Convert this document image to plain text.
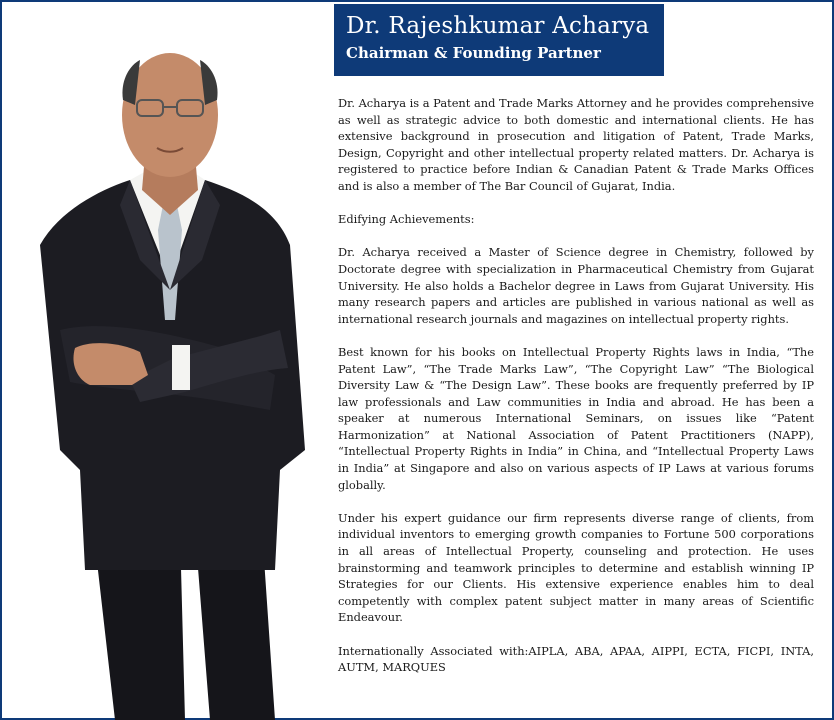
Dr. Rajeshkumar Acharya
Chairman & Founding Partner

Dr. Acharya is a Patent and Trade Marks Attorney and he provides comprehensive as well as strategic advice to both domestic and international clients. He has extensive background in prosecution and litigation of Patent, Trade Marks, Design, Copyright and other intellectual property related matters. Dr. Acharya is registered to practice before Indian & Canadian Patent & Trade Marks Offices and is also a member of The Bar Council of Gujarat, India.

Edifying Achievements:

Dr. Acharya received a Master of Science degree in Chemistry, followed by Doctorate degree with specialization in Pharmaceutical Chemistry from Gujarat University. He also holds a Bachelor degree in Laws from Gujarat University. His many research papers and articles are published in various national as well as international research journals and magazines on intellectual property rights.

Best known for his books on Intellectual Property Rights laws in India, “The Patent Law”, “The Trade Marks Law”, “The Copyright Law” “The Biological Diversity Law & “The Design Law”. These books are frequently preferred by IP law professionals and Law communities in India and abroad. He has been a speaker at numerous International Seminars, on issues like “Patent Harmonization” at National Association of Patent Practitioners (NAPP), “Intellectual Property Rights in India” in China, and “Intellectual Property Laws in India” at Singapore and also on various aspects of IP Laws at various forums globally.

Under his expert guidance our firm represents diverse range of clients, from individual inventors to emerging growth companies to Fortune 500 corporations in all areas of Intellectual Property, counseling and protection. He uses brainstorming and teamwork principles to determine and establish winning IP Strategies for our Clients. His extensive experience enables him to deal competently with complex patent subject matter in many areas of Scientific Endeavour.

Internationally Associated with:AIPLA, ABA, APAA, AIPPI, ECTA, FICPI, INTA, AUTM, MARQUES
